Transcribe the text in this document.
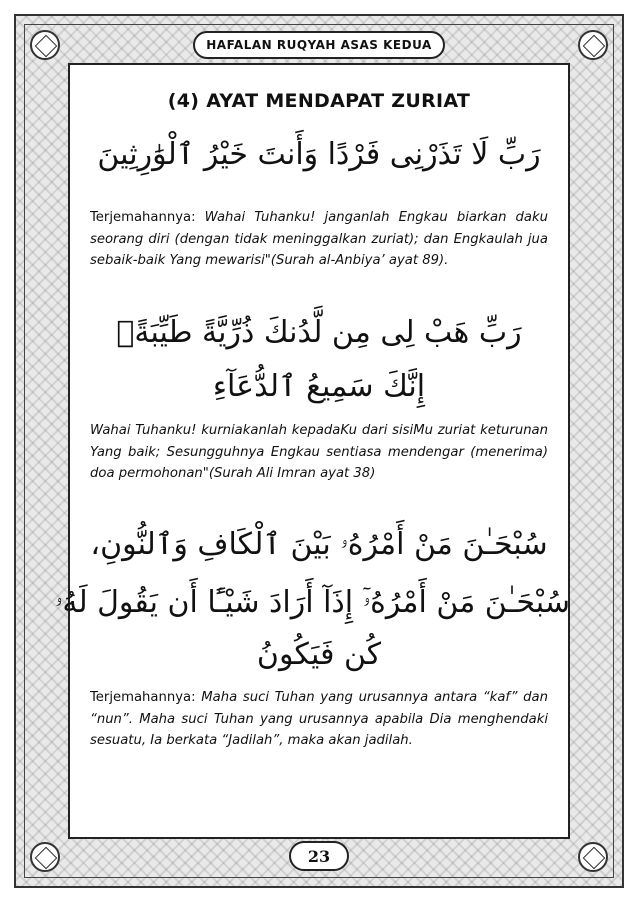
HAFALAN RUQYAH ASAS KEDUA
(4) AYAT MENDAPAT ZURIAT
رَبِّ لَا تَذَرْنِى فَرْدًا وَأَنتَ خَيْرُ ٱلْوَٰرِثِينَ

Terjemahannya: Wahai Tuhanku! janganlah Engkau biarkan daku seorang diri (dengan tidak meninggalkan zuriat); dan Engkaulah jua sebaik-baik Yang mewarisi"(Surah al-Anbiya’ ayat 89).

رَبِّ هَبْ لِى مِن لَّدُنكَ ذُرِّيَّةً طَيِّبَةًۖ
إِنَّكَ سَمِيعُ ٱلدُّعَآءِ

Wahai Tuhanku! kurniakanlah kepadaKu dari sisiMu zuriat keturunan Yang baik; Sesungguhnya Engkau sentiasa mendengar (menerima) doa permohonan"(Surah Ali Imran ayat 38)

سُبْحَـٰنَ مَنْ أَمْرُهُۥ بَيْنَ ٱلْكَافِ وَٱلنُّونِ،
سُبْحَـٰنَ مَنْ أَمْرُهُۥٓ إِذَآ أَرَادَ شَيْـًٔا أَن يَقُولَ لَهُۥ
كُن فَيَكُونُ

Terjemahannya: Maha suci Tuhan yang urusannya antara “kaf” dan “nun”. Maha suci Tuhan yang urusannya apabila Dia menghendaki sesuatu, Ia berkata “Jadilah”, maka akan jadilah.

23
